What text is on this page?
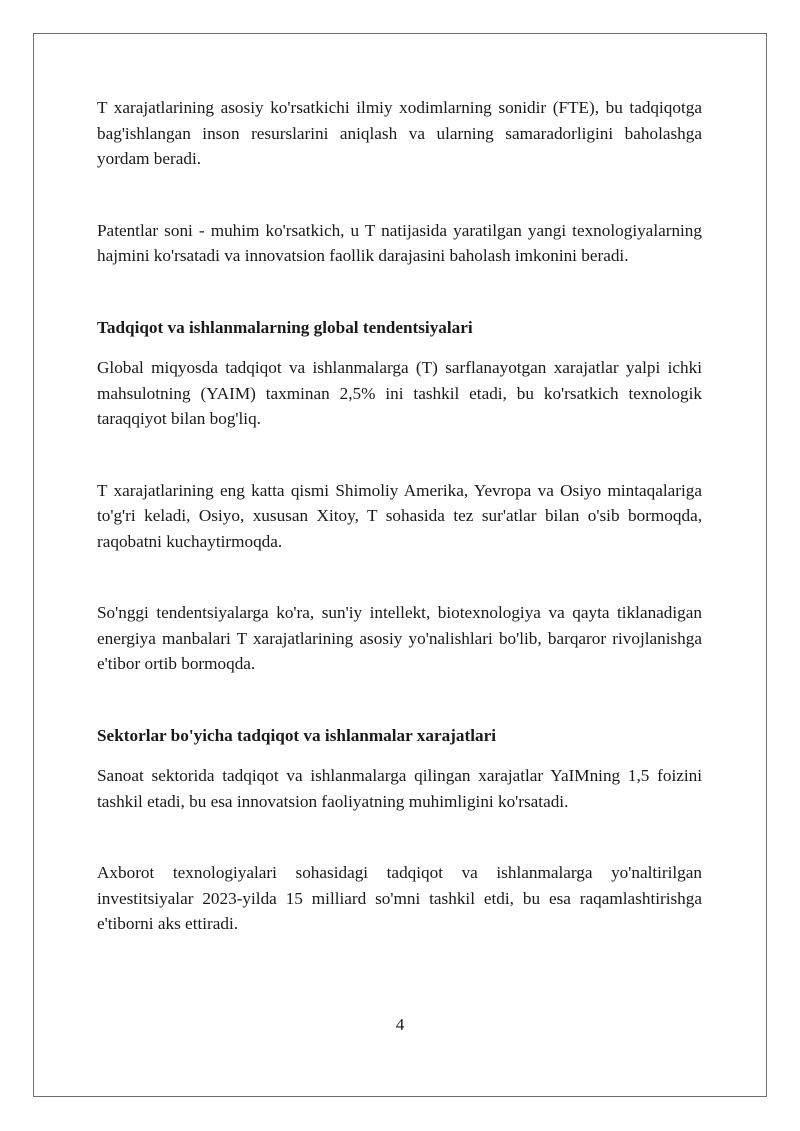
T xarajatlarining asosiy ko'rsatkichi ilmiy xodimlarning sonidir (FTE), bu tadqiqotga bag'ishlangan inson resurslarini aniqlash va ularning samaradorligini baholashga yordam beradi.

Patentlar soni - muhim ko'rsatkich, u T natijasida yaratilgan yangi texnologiyalarning hajmini ko'rsatadi va innovatsion faollik darajasini baholash imkonini beradi.

Tadqiqot va ishlanmalarning global tendentsiyalari

Global miqyosda tadqiqot va ishlanmalarga (T) sarflanayotgan xarajatlar yalpi ichki mahsulotning (YAIM) taxminan 2,5% ini tashkil etadi, bu ko'rsatkich texnologik taraqqiyot bilan bog'liq.

T xarajatlarining eng katta qismi Shimoliy Amerika, Yevropa va Osiyo mintaqalariga to'g'ri keladi, Osiyo, xususan Xitoy, T sohasida tez sur'atlar bilan o'sib bormoqda, raqobatni kuchaytirmoqda.

So'nggi tendentsiyalarga ko'ra, sun'iy intellekt, biotexnologiya va qayta tiklanadigan energiya manbalari T xarajatlarining asosiy yo'nalishlari bo'lib, barqaror rivojlanishga e'tibor ortib bormoqda.

Sektorlar bo'yicha tadqiqot va ishlanmalar xarajatlari

Sanoat sektorida tadqiqot va ishlanmalarga qilingan xarajatlar YaIMning 1,5 foizini tashkil etadi, bu esa innovatsion faoliyatning muhimligini ko'rsatadi.

Axborot texnologiyalari sohasidagi tadqiqot va ishlanmalarga yo'naltirilgan investitsiyalar 2023-yilda 15 milliard so'mni tashkil etdi, bu esa raqamlashtirishga e'tiborni aks ettiradi.

4
